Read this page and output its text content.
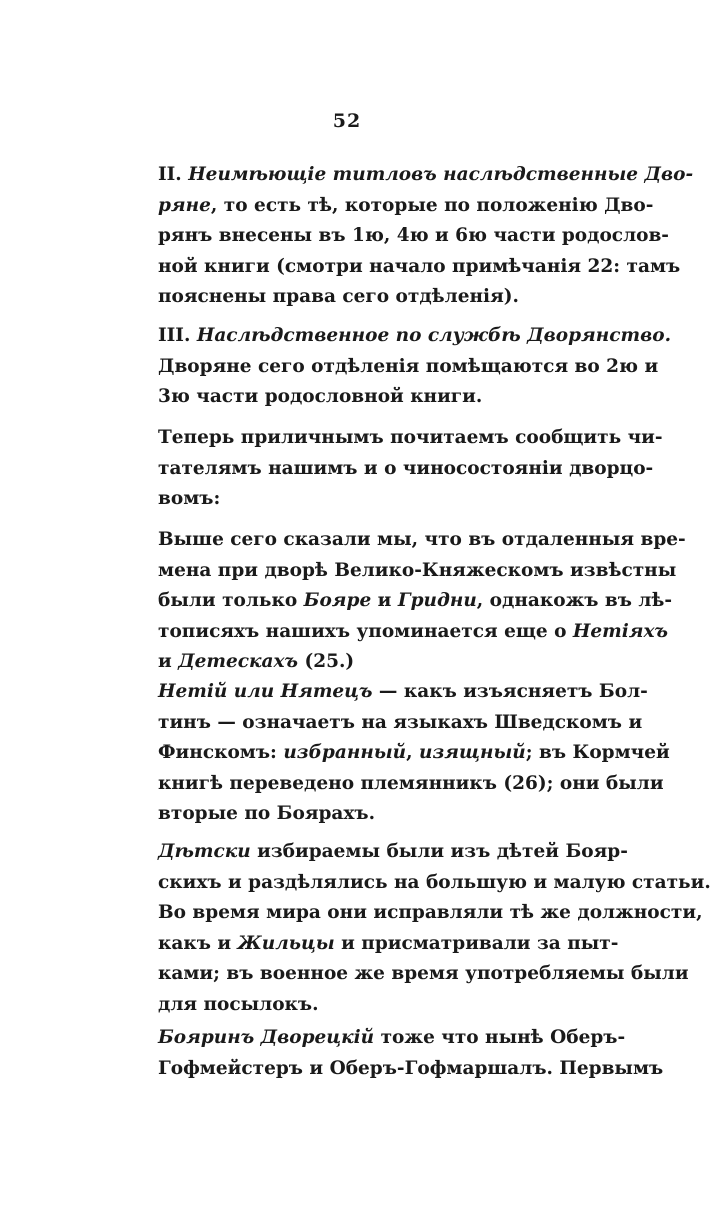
52
II. Неимѣющіе титловъ наслѣдственные Дво-
ряне, то есть тѣ, которые по положенію Дво-
рянъ внесены въ 1ю, 4ю и 6ю части родослов-
ной книги (смотри начало примѣчанія 22: тамъ
пояснены права сего отдѣленія).
III. Наслѣдственное по службѣ Дворянство.
Дворяне сего отдѣленія помѣщаются во 2ю и
3ю части родословной книги.
Теперь приличнымъ почитаемъ сообщить чи-
тателямъ нашимъ и о чиносостояніи дворцо-
вомъ:
Выше сего сказали мы, что въ отдаленныя вре-
мена при дворѣ Велико-Княжескомъ извѣстны
были только Бояре и Гридни, однакожъ въ лѣ-
тописяхъ нашихъ упоминается еще о Нетіяхъ
и Детескахъ (25.)
Нетій или Нятецъ — какъ изъясняетъ Бол-
тинъ — означаетъ на языкахъ Шведскомъ и
Финскомъ: избранный, изящный; въ Кормчей
книгѣ переведено племянникъ (26); они были
вторые по Боярахъ.
Дѣтски избираемы были изъ дѣтей Бояр-
скихъ и раздѣлялись на большую и малую статьи.
Во время мира они исправляли тѣ же должности,
какъ и Жильцы и присматривали за пыт-
ками; въ военное же время употребляемы были
для посылокъ.
Бояринъ Дворецкій тоже что нынѣ Оберъ-
Гофмейстеръ и Оберъ-Гофмаршалъ. Первымъ
